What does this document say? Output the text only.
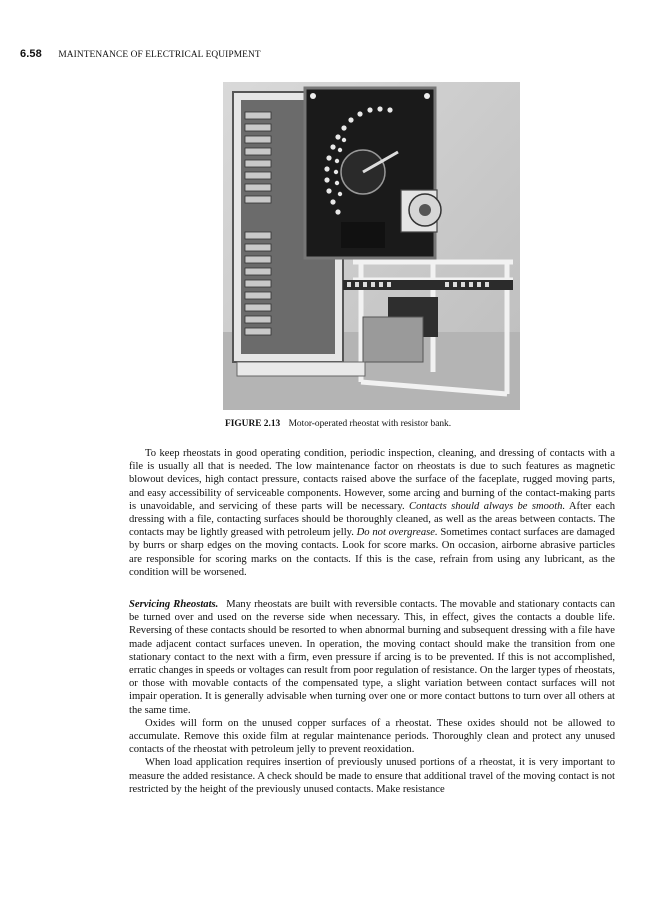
6.58 MAINTENANCE OF ELECTRICAL EQUIPMENT
FIGURE 2.13 Motor-operated rheostat with resistor bank.

To keep rheostats in good operating condition, periodic inspection, cleaning, and dressing of contacts with a file is usually all that is needed. The low maintenance factor on rheostats is due to such features as magnetic blowout devices, high contact pressure, contacts raised above the surface of the faceplate, rugged moving parts, and easy accessibility of serviceable components. However, some arcing and burning of the contact-making parts is unavoidable, and servicing of these parts will be necessary. Contacts should always be smooth. After each dressing with a file, contacting surfaces should be thoroughly cleaned, as well as the areas between contacts. The contacts may be lightly greased with petroleum jelly. Do not overgrease. Sometimes contact surfaces are damaged by burrs or sharp edges on the moving contacts. Look for score marks. On occasion, airborne abrasive particles are responsible for scoring marks on the contacts. If this is the case, refrain from using any lubricant, as the condition will be worsened.

Servicing Rheostats. Many rheostats are built with reversible contacts. The movable and stationary contacts can be turned over and used on the reverse side when necessary. This, in effect, gives the contacts a double life. Reversing of these contacts should be resorted to when abnormal burning and subsequent dressing with a file have made adjacent contact surfaces uneven. In operation, the moving contact should make the transition from one stationary contact to the next with a firm, even pressure if arcing is to be prevented. If this is not accomplished, erratic changes in speeds or voltages can result from poor regulation of resistance. On the larger types of rheostats, or those with movable contacts of the compensated type, a slight variation between contact surfaces will not impair operation. It is generally advisable when turning over one or more contact buttons to turn over all others at the same time.

Oxides will form on the unused copper surfaces of a rheostat. These oxides should not be allowed to accumulate. Remove this oxide film at regular maintenance periods. Thoroughly clean and protect any unused contacts of the rheostat with petroleum jelly to prevent reoxidation.

When load application requires insertion of previously unused portions of a rheostat, it is very important to measure the added resistance. A check should be made to ensure that additional travel of the moving contact is not restricted by the height of the previously unused contacts. Make resistance
